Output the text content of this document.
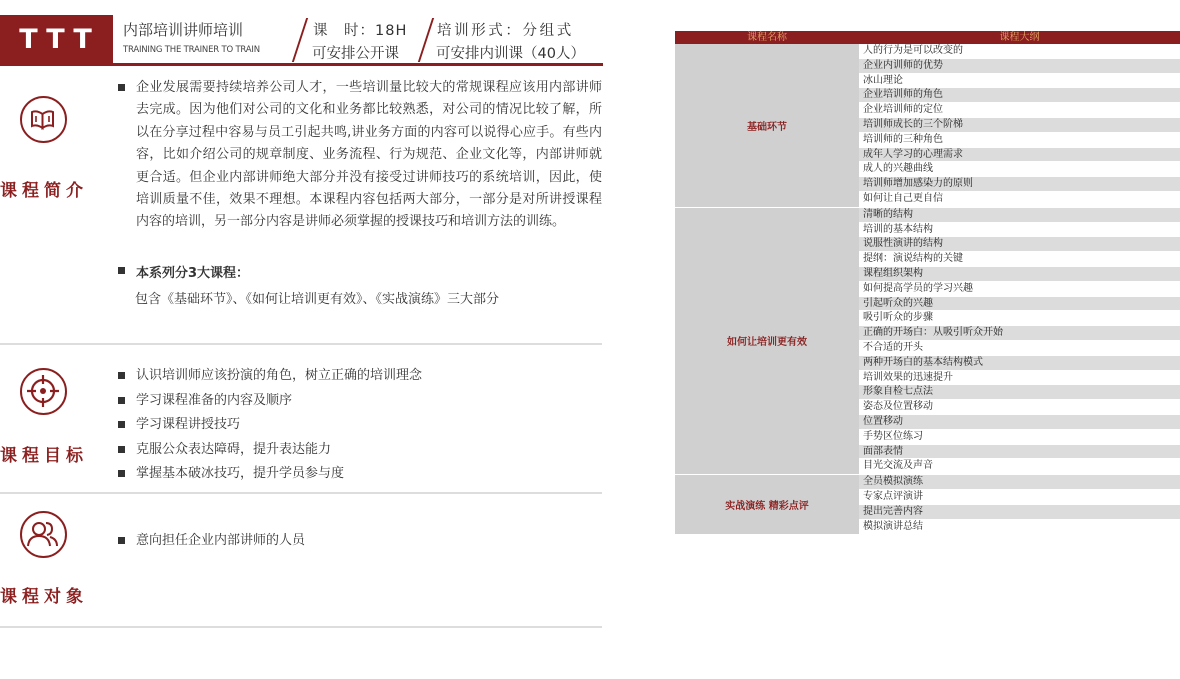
TTT	内部培训讲师培训
TRAINING THE TRAINER TO TRAIN
课　时：18H
可安排公开课
培训形式：分组式
可安排内训课（40人）
课程简介
企业发展需要持续培养公司人才，一些培训量比较大的常规课程应该用内部讲师去完成。因为他们对公司的文化和业务都比较熟悉，对公司的情况比较了解，所以在分享过程中容易与员工引起共鸣,讲业务方面的内容可以说得心应手。有些内容，比如介绍公司的规章制度、业务流程、行为规范、企业文化等，内部讲师就更合适。但企业内部讲师绝大部分并没有接受过讲师技巧的系统培训，因此，使培训质量不佳，效果不理想。本课程内容包括两大部分，一部分是对所讲授课程内容的培训，另一部分内容是讲师必须掌握的授课技巧和培训方法的训练。
本系列分3大课程：
包含《基础环节》、《如何让培训更有效》、《实战演练》三大部分
课程目标
认识培训师应该扮演的角色，树立正确的培训理念
学习课程准备的内容及顺序
学习课程讲授技巧
克服公众表达障碍，提升表达能力
掌握基本破冰技巧，提升学员参与度
课程对象
意向担任企业内部讲师的人员
课程名称	课程大纲
基础环节
人的行为是可以改变的
企业内训师的优势
冰山理论
企业培训师的角色
企业培训师的定位
培训师成长的三个阶梯
培训师的三种角色
成年人学习的心理需求
成人的兴趣曲线
培训师增加感染力的原则
如何让自己更自信
如何让培训更有效
清晰的结构
培训的基本结构
说服性演讲的结构
提纲：演说结构的关键
课程组织架构
如何提高学员的学习兴趣
引起听众的兴趣
吸引听众的步骤
正确的开场白：从吸引听众开始
不合适的开头
两种开场白的基本结构模式
培训效果的迅速提升
形象自检七点法
姿态及位置移动
位置移动
手势区位练习
面部表情
目光交流及声音
实战演练 精彩点评
全员模拟演练
专家点评演讲
提出完善内容
模拟演讲总结
